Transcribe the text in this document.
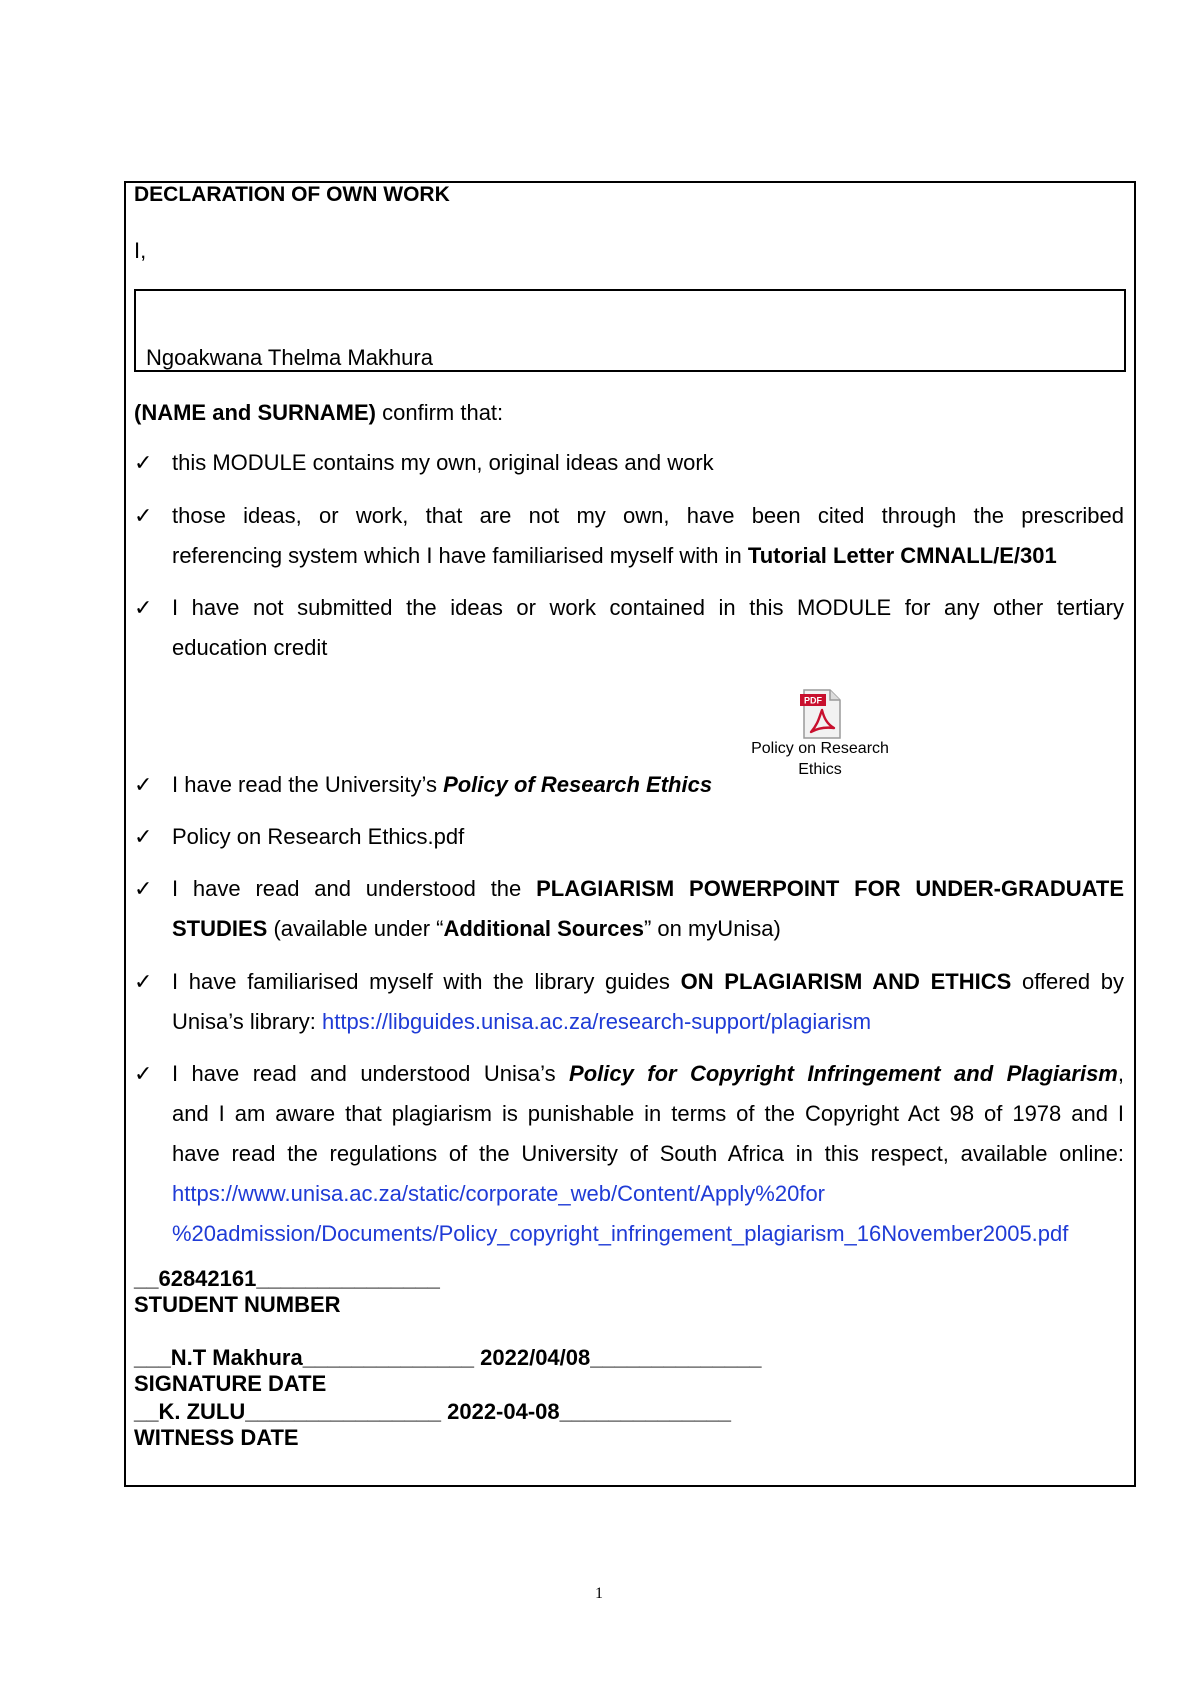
DECLARATION OF OWN WORK
I,
Ngoakwana Thelma Makhura
(NAME and SURNAME) confirm that:
✓ this MODULE contains my own, original ideas and work
✓ those ideas, or work, that are not my own, have been cited through the prescribed
referencing system which I have familiarised myself with in Tutorial Letter CMNALL/E/301
✓ I have not submitted the ideas or work contained in this MODULE for any other tertiary
education credit
PDF
Policy on Research
Ethics
✓ I have read the University’s Policy of Research Ethics
✓ Policy on Research Ethics.pdf
✓ I have read and understood the PLAGIARISM POWERPOINT FOR UNDER-GRADUATE
STUDIES (available under “Additional Sources” on myUnisa)
✓ I have familiarised myself with the library guides ON PLAGIARISM AND ETHICS offered by
Unisa’s library: https://libguides.unisa.ac.za/research-support/plagiarism
✓ I have read and understood Unisa’s Policy for Copyright Infringement and Plagiarism,
and I am aware that plagiarism is punishable in terms of the Copyright Act 98 of 1978 and I
have read the regulations of the University of South Africa in this respect, available online:
https://www.unisa.ac.za/static/corporate_web/Content/Apply%20for
%20admission/Documents/Policy_copyright_infringement_plagiarism_16November2005.pdf
__62842161_______________
STUDENT NUMBER
___N.T Makhura______________ 2022/04/08______________
SIGNATURE DATE
__K. ZULU________________ 2022-04-08______________
WITNESS DATE
1
